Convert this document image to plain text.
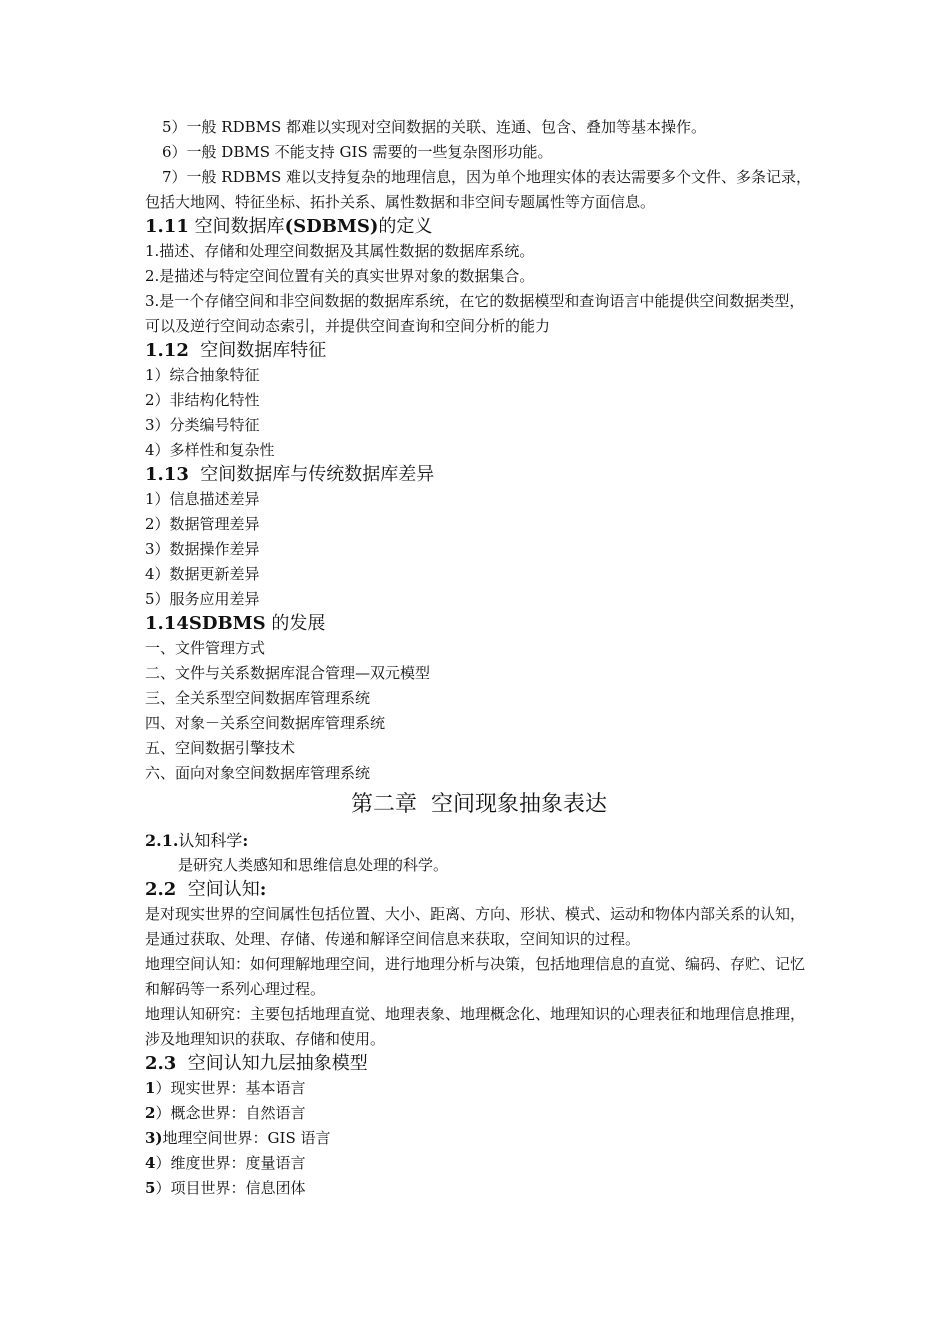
5）一般 RDBMS 都难以实现对空间数据的关联、连通、包含、叠加等基本操作。

6）一般 DBMS 不能支持 GIS 需要的一些复杂图形功能。

7）一般 RDBMS 难以支持复杂的地理信息，因为单个地理实体的表达需要多个文件、多条记录，包括大地网、特征坐标、拓扑关系、属性数据和非空间专题属性等方面信息。

1.11 空间数据库(SDBMS)的定义

1.描述、存储和处理空间数据及其属性数据的数据库系统。

2.是描述与特定空间位置有关的真实世界对象的数据集合。

3.是一个存储空间和非空间数据的数据库系统，在它的数据模型和查询语言中能提供空间数据类型，可以及逆行空间动态索引，并提供空间查询和空间分析的能力

1.12  空间数据库特征

1）综合抽象特征

2）非结构化特性

3）分类编号特征

4）多样性和复杂性

1.13  空间数据库与传统数据库差异

1）信息描述差异

2）数据管理差异

3）数据操作差异

4）数据更新差异

5）服务应用差异

1.14SDBMS 的发展

一、文件管理方式

二、文件与关系数据库混合管理—双元模型

三、全关系型空间数据库管理系统

四、对象－关系空间数据库管理系统

五、空间数据引擎技术

六、面向对象空间数据库管理系统

第二章  空间现象抽象表达

2.1.认知科学:

是研究人类感知和思维信息处理的科学。

2.2  空间认知:

是对现实世界的空间属性包括位置、大小、距离、方向、形状、模式、运动和物体内部关系的认知，是通过获取、处理、存储、传递和解译空间信息来获取，空间知识的过程。

地理空间认知：如何理解地理空间，进行地理分析与决策，包括地理信息的直觉、编码、存贮、记忆和解码等一系列心理过程。

地理认知研究：主要包括地理直觉、地理表象、地理概念化、地理知识的心理表征和地理信息推理，涉及地理知识的获取、存储和使用。

2.3  空间认知九层抽象模型

1）现实世界：基本语言

2）概念世界：自然语言

3)地理空间世界：GIS 语言

4）维度世界：度量语言

5）项目世界：信息团体
